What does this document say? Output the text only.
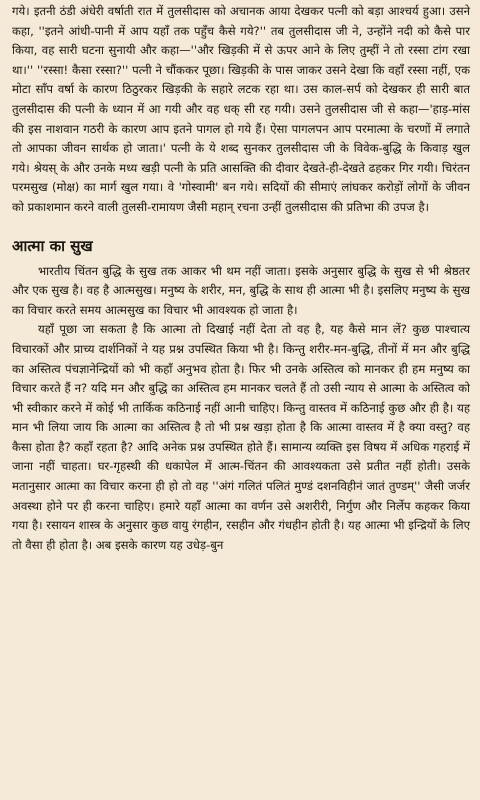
गये। इतनी ठंडी अंधेरी वर्षाती रात में तुलसीदास को अचानक आया देखकर पत्नी को बड़ा आश्चर्य हुआ। उसने कहा, ''इतने आंधी-पानी में आप यहाँ तक पहुँच कैसे गये?'' तब तुलसीदास जी ने, उन्होंने नदी को कैसे पार किया, वह सारी घटना सुनायी और कहा—''और खिड़की में से ऊपर आने के लिए तुम्हीं ने तो रस्सा टांग रखा था।'' ''रस्सा! कैसा रस्सा?'' पत्नी ने चौंककर पूछा। खिड़की के पास जाकर उसने देखा कि वहाँ रस्सा नहीं, एक मोटा साँप वर्षा के कारण ठिठुरकर खिड़की के सहारे लटक रहा था। उस काल-सर्प को देखकर ही सारी बात तुलसीदास की पत्नी के ध्यान में आ गयी और वह धक् सी रह गयी। उसने तुलसीदास जी से कहा—'हाड़-मांस की इस नाशवान गठरी के कारण आप इतने पागल हो गये हैं। ऐसा पागलपन आप परमात्मा के चरणों में लगाते तो आपका जीवन सार्थक हो जाता।' पत्नी के ये शब्द सुनकर तुलसीदास जी के विवेक-बुद्धि के किवाड़ खुल गये। श्रेयस् के और उनके मध्य खड़ी पत्नी के प्रति आसक्ति की दीवार देखते-ही-देखते ढहकर गिर गयी। चिरंतन परमसुख (मोक्ष) का मार्ग खुल गया। वे 'गोस्वामी' बन गये। सदियों की सीमाएं लांघकर करोड़ों लोगों के जीवन को प्रकाशमान करने वाली तुलसी-रामायण जैसी महान् रचना उन्हीं तुलसीदास की प्रतिभा की उपज है।

आत्मा का सुख

भारतीय चिंतन बुद्धि के सुख तक आकर भी थम नहीं जाता। इसके अनुसार बुद्धि के सुख से भी श्रेष्ठतर और एक सुख है। वह है आत्मसुख। मनुष्य के शरीर, मन, बुद्धि के साथ ही आत्मा भी है। इसलिए मनुष्य के सुख का विचार करते समय आत्मसुख का विचार भी आवश्यक हो जाता है।

यहाँ पूछा जा सकता है कि आत्मा तो दिखाई नहीं देता तो वह है, यह कैसे मान लें? कुछ पाश्चात्य विचारकों और प्राच्य दार्शनिकों ने यह प्रश्न उपस्थित किया भी है। किन्तु शरीर-मन-बुद्धि, तीनों में मन और बुद्धि का अस्तित्व पंचज्ञानेन्द्रियों को भी कहाँ अनुभव होता है। फिर भी उनके अस्तित्व को मानकर ही हम मनुष्य का विचार करते हैं न? यदि मन और बुद्धि का अस्तित्व हम मानकर चलते हैं तो उसी न्याय से आत्मा के अस्तित्व को भी स्वीकार करने में कोई भी तार्किक कठिनाई नहीं आनी चाहिए। किन्तु वास्तव में कठिनाई कुछ और ही है। यह मान भी लिया जाय कि आत्मा का अस्तित्व है तो भी प्रश्न खड़ा होता है कि आत्मा वास्तव में है क्या वस्तु? वह कैसा होता है? कहाँ रहता है? आदि अनेक प्रश्न उपस्थित होते हैं। सामान्य व्यक्ति इस विषय में अधिक गहराई में जाना नहीं चाहता। घर-गृहस्थी की धकापेल में आत्म-चिंतन की आवश्यकता उसे प्रतीत नहीं होती। उसके मतानुसार आत्मा का विचार करना ही हो तो वह ''अंगं गलितं पलितं मुण्डं दशनविहीनं जातं तुण्डम्'' जैसी जर्जर अवस्था होने पर ही करना चाहिए। हमारे यहाँ आत्मा का वर्णन उसे अशरीरी, निर्गुण और निर्लेप कहकर किया गया है। रसायन शास्त्र के अनुसार कुछ वायु रंगहीन, रसहीन और गंधहीन होती है। यह आत्मा भी इन्द्रियों के लिए तो वैसा ही होता है। अब इसके कारण यह उधेड़-बुन
